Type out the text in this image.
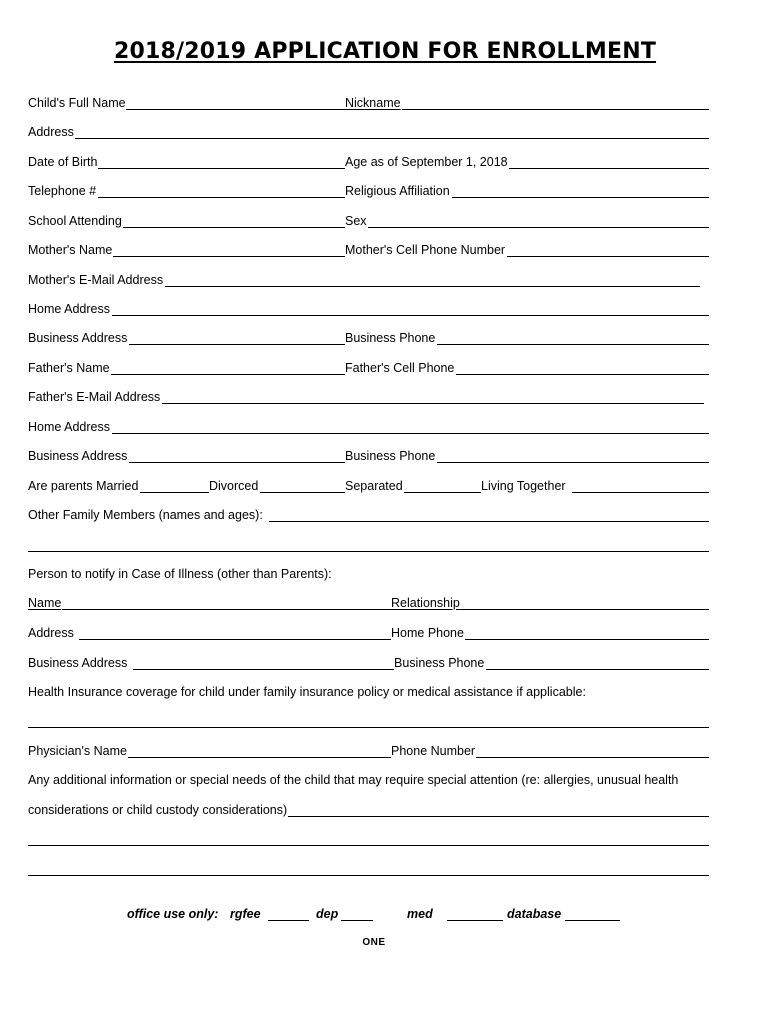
2018/2019 APPLICATION FOR ENROLLMENT
Child's Full Name	Nickname
Address
Date of Birth	Age as of September 1, 2018
Telephone #	Religious Affiliation
School Attending	Sex
Mother's Name	Mother's Cell Phone Number
Mother's E-Mail Address
Home Address
Business Address	Business Phone
Father's Name	Father's Cell Phone
Father's E-Mail Address
Home Address
Business Address	Business Phone
Are parents Married	Divorced	Separated	Living Together
Other Family Members (names and ages):
Person to notify in Case of Illness (other than Parents):
Name	Relationship
Address	Home Phone
Business Address	Business Phone
Health Insurance coverage for child under family insurance policy or medical assistance if applicable:
Physician's Name	Phone Number
Any additional information or special needs of the child that may require special attention (re: allergies, unusual health
considerations or child custody considerations)
office use only: rgfee	dep	med	database
ONE
